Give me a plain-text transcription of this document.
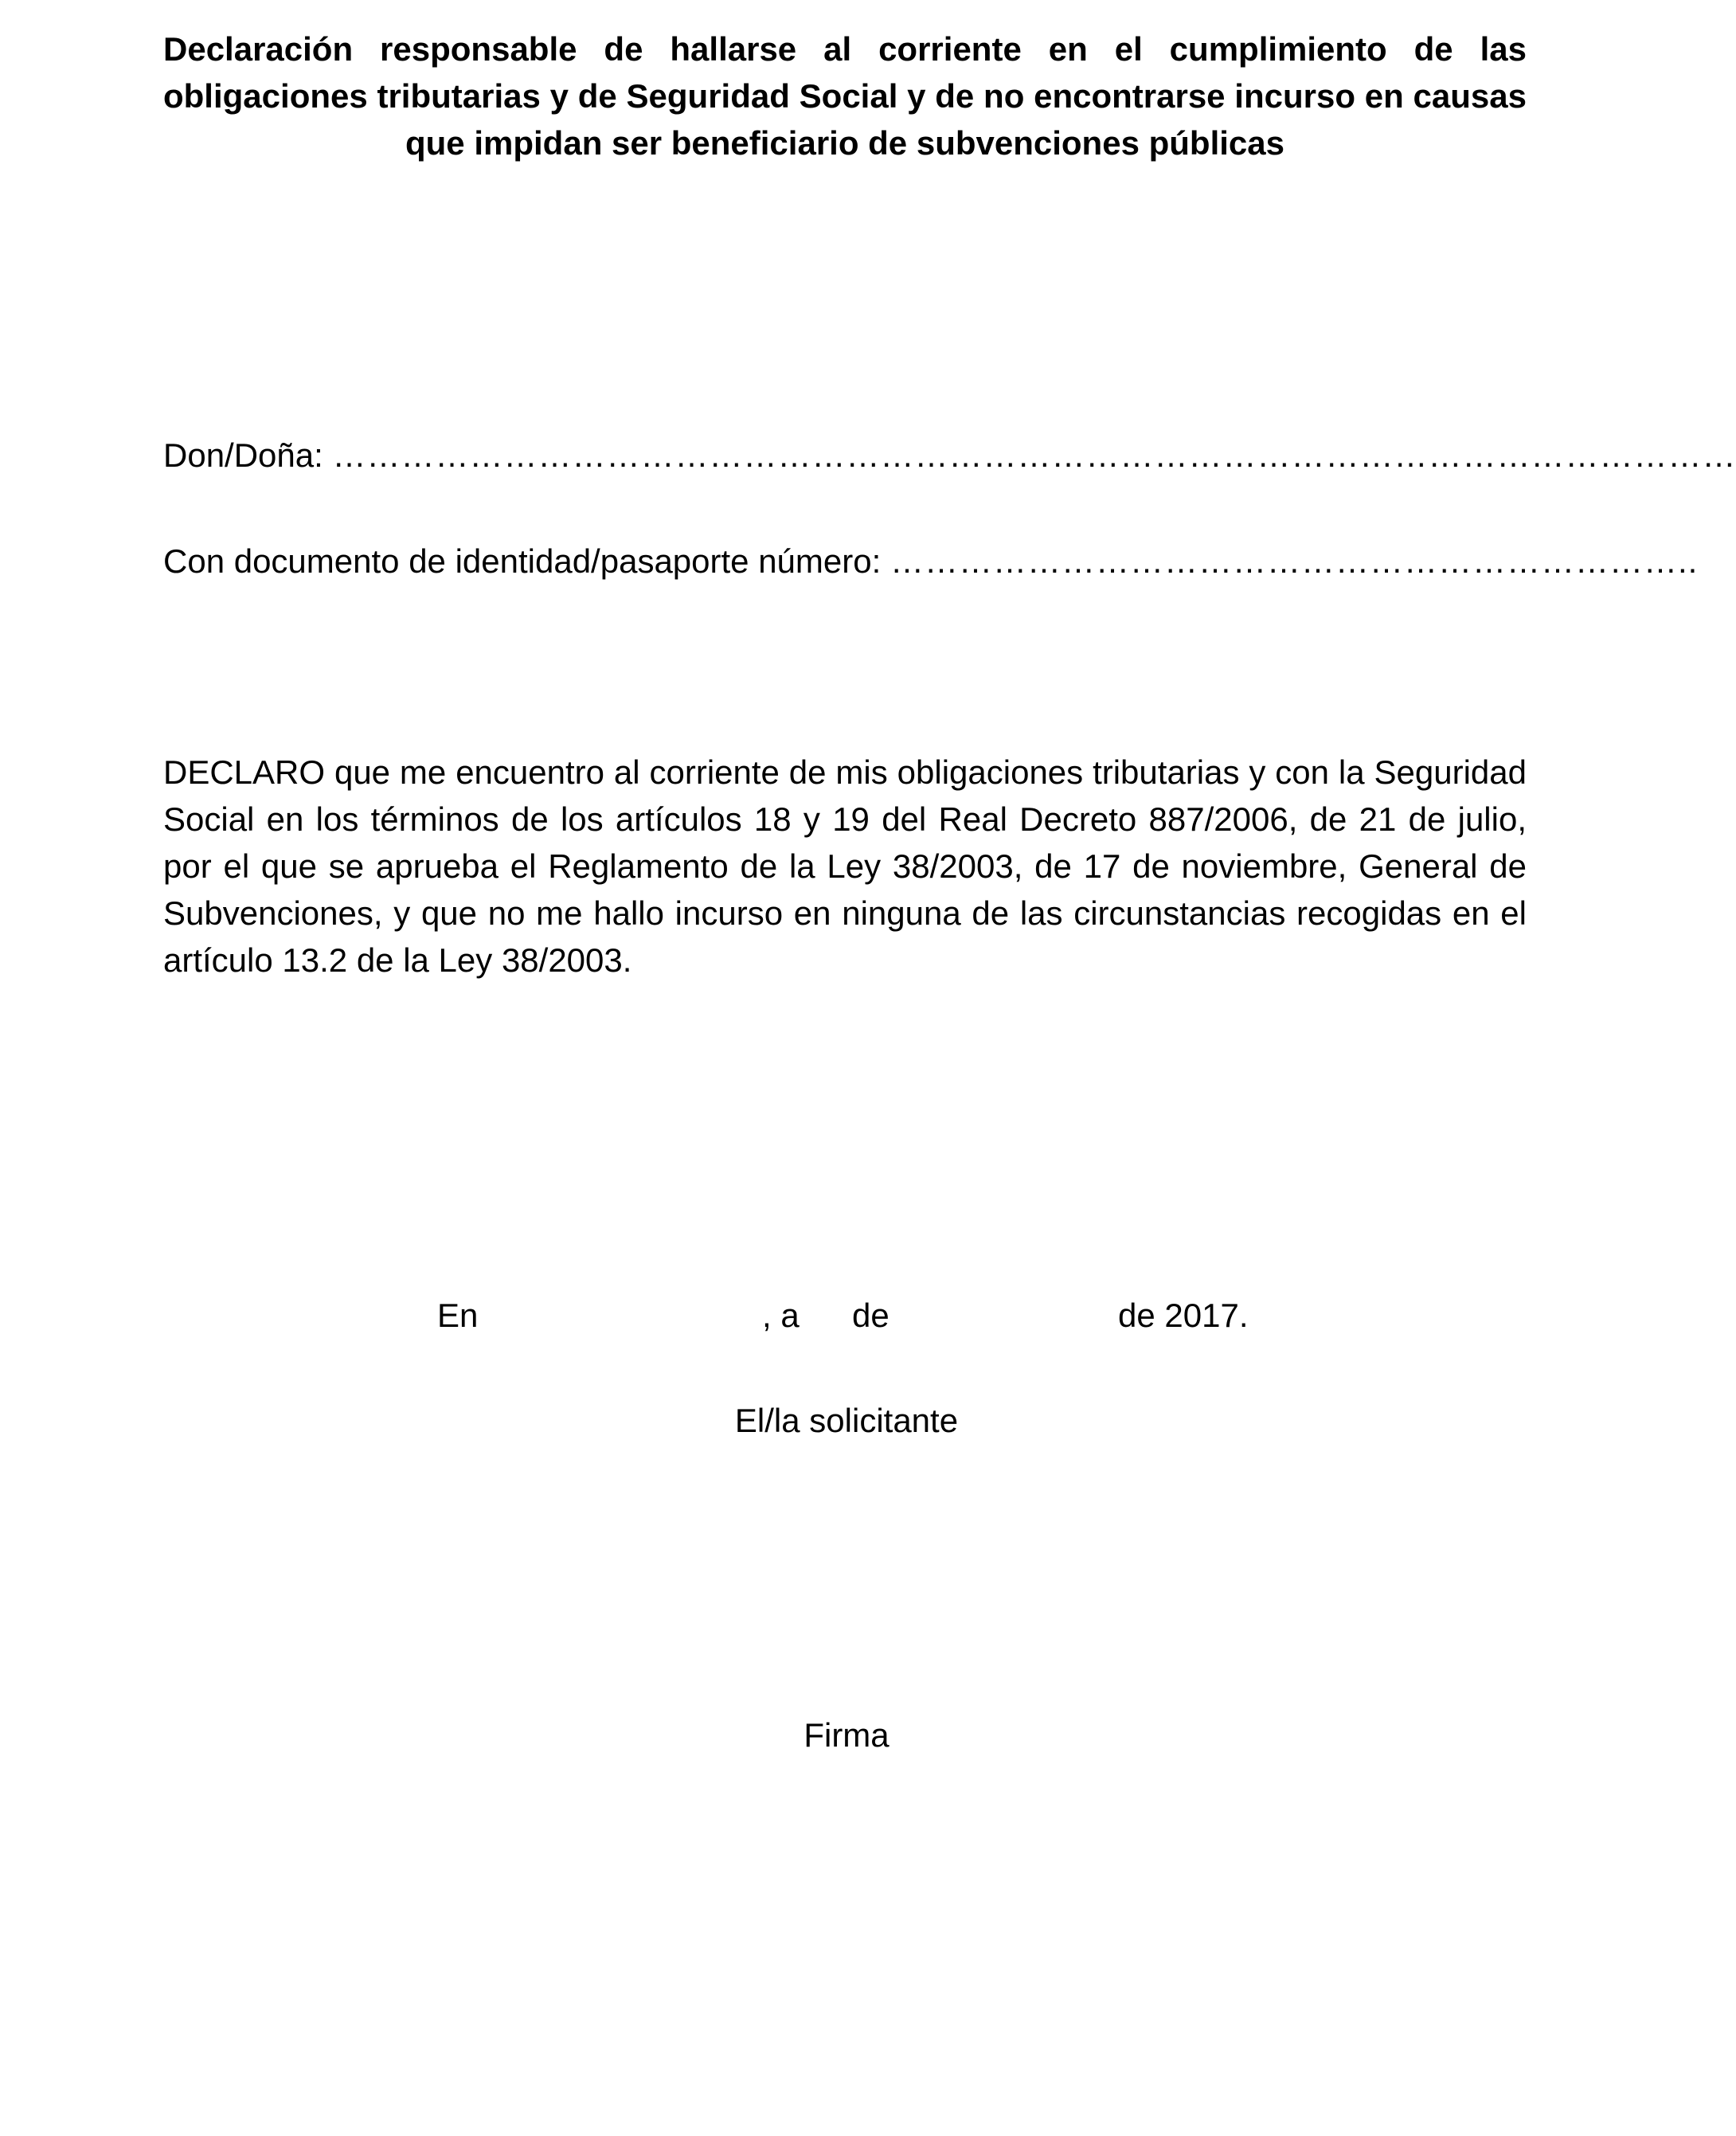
Declaración responsable de hallarse al corriente en el cumplimiento de las obligaciones tributarias y de Seguridad Social y de no encontrarse incurso en causas que impidan ser beneficiario de subvenciones públicas

Don/Doña: ……………………………………………………………………………………………………………
Con documento de identidad/pasaporte número: ……………………………………………………………..

DECLARO que me encuentro al corriente de mis obligaciones tributarias y con la Seguridad Social en los términos de los artículos 18 y 19 del Real Decreto 887/2006, de 21 de julio, por el que se aprueba el Reglamento de la Ley 38/2003, de 17 de noviembre, General de Subvenciones, y que no me hallo incurso en ninguna de las circunstancias recogidas en el artículo 13.2 de la Ley 38/2003.

En	, a de	de 2017.
El/la solicitante
Firma
